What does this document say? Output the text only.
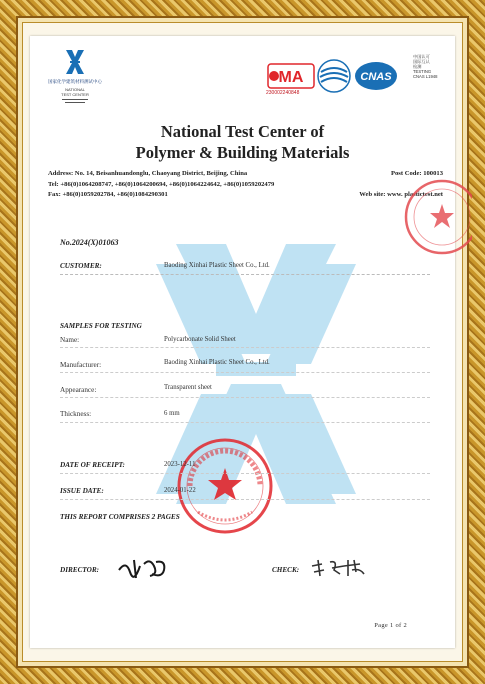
国家化学建筑材料测试中心
NATIONAL
TEST CENTER
MA
230002240848
CNAS
中国认可
国际互认
检测
TESTING
CNAS L1948
National Test Center of
Polymer & Building Materials
Address: No. 14, Beisanhuandonglu, Chaoyang District, Beijing, China	Post Code: 100013
Tel: +86(0)1064208747, +86(0)1064200694, +86(0)1064224642, +86(0)1059202479
Fax: +86(0)1059202784, +86(0)1084290301	Web site: www. plastictest.net
No.2024(X)01063
CUSTOMER:	Baoding Xinhai Plastic Sheet Co., Ltd.
SAMPLES FOR TESTING
Name:	Polycarbonate Solid Sheet
Manufacturer:	Baoding Xinhai Plastic Sheet Co., Ltd.
Appearance:	Transparent sheet
Thickness:	6 mm
DATE OF RECEIPT:	2023-12-11
ISSUE DATE:	2024-01-22
THIS REPORT COMPRISES 2 PAGES
DIRECTOR:	CHECK:
Page 1 of 2
